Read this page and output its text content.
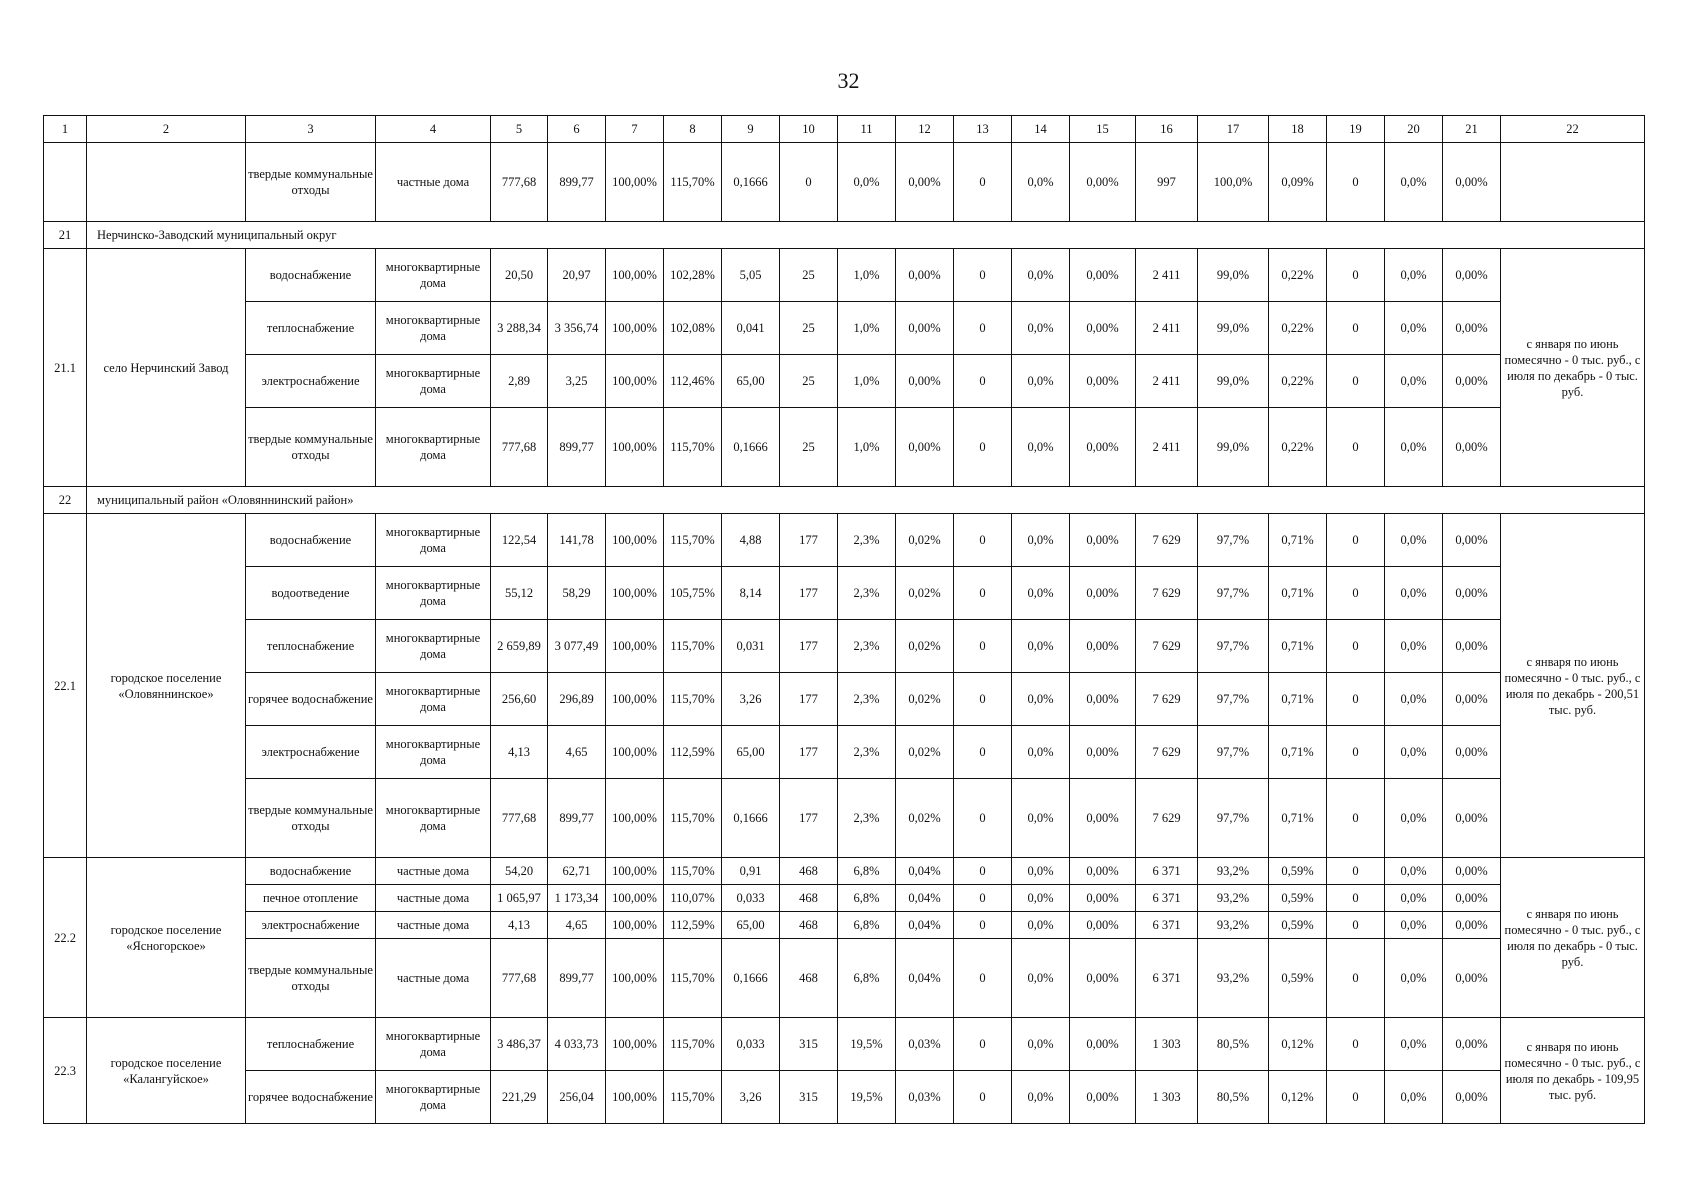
32
1	2	3	4	5	6	7	8	9	10	11	12	13	14	15	16	17	18	19	20	21	22
		твердые коммунальные отходы	частные дома	777,68	899,77	100,00%	115,70%	0,1666	0	0,0%	0,00%	0	0,0%	0,00%	997	100,0%	0,09%	0	0,0%	0,00%	
21	Нерчинско-Заводский муниципальный округ																				
21.1	село Нерчинский Завод	водоснабжение	многоквартирные дома	20,50	20,97	100,00%	102,28%	5,05	25	1,0%	0,00%	0	0,0%	0,00%	2 411	99,0%	0,22%	0	0,0%	0,00%	с января по июнь помесячно - 0 тыс. руб., с июля по декабрь - 0 тыс. руб.
		теплоснабжение	многоквартирные дома	3 288,34	3 356,74	100,00%	102,08%	0,041	25	1,0%	0,00%	0	0,0%	0,00%	2 411	99,0%	0,22%	0	0,0%	0,00%	
		электроснабжение	многоквартирные дома	2,89	3,25	100,00%	112,46%	65,00	25	1,0%	0,00%	0	0,0%	0,00%	2 411	99,0%	0,22%	0	0,0%	0,00%	
		твердые коммунальные отходы	многоквартирные дома	777,68	899,77	100,00%	115,70%	0,1666	25	1,0%	0,00%	0	0,0%	0,00%	2 411	99,0%	0,22%	0	0,0%	0,00%	
22	муниципальный район «Оловяннинский район»																				
22.1	городское поселение «Оловяннинское»	водоснабжение	многоквартирные дома	122,54	141,78	100,00%	115,70%	4,88	177	2,3%	0,02%	0	0,0%	0,00%	7 629	97,7%	0,71%	0	0,0%	0,00%	с января по июнь помесячно - 0 тыс. руб., с июля по декабрь - 200,51 тыс. руб.
		водоотведение	многоквартирные дома	55,12	58,29	100,00%	105,75%	8,14	177	2,3%	0,02%	0	0,0%	0,00%	7 629	97,7%	0,71%	0	0,0%	0,00%	
		теплоснабжение	многоквартирные дома	2 659,89	3 077,49	100,00%	115,70%	0,031	177	2,3%	0,02%	0	0,0%	0,00%	7 629	97,7%	0,71%	0	0,0%	0,00%	
		горячее водоснабжение	многоквартирные дома	256,60	296,89	100,00%	115,70%	3,26	177	2,3%	0,02%	0	0,0%	0,00%	7 629	97,7%	0,71%	0	0,0%	0,00%	
		электроснабжение	многоквартирные дома	4,13	4,65	100,00%	112,59%	65,00	177	2,3%	0,02%	0	0,0%	0,00%	7 629	97,7%	0,71%	0	0,0%	0,00%	
		твердые коммунальные отходы	многоквартирные дома	777,68	899,77	100,00%	115,70%	0,1666	177	2,3%	0,02%	0	0,0%	0,00%	7 629	97,7%	0,71%	0	0,0%	0,00%	
22.2	городское поселение «Ясногорское»	водоснабжение	частные дома	54,20	62,71	100,00%	115,70%	0,91	468	6,8%	0,04%	0	0,0%	0,00%	6 371	93,2%	0,59%	0	0,0%	0,00%	с января по июнь помесячно - 0 тыс. руб., с июля по декабрь - 0 тыс. руб.
		печное отопление	частные дома	1 065,97	1 173,34	100,00%	110,07%	0,033	468	6,8%	0,04%	0	0,0%	0,00%	6 371	93,2%	0,59%	0	0,0%	0,00%	
		электроснабжение	частные дома	4,13	4,65	100,00%	112,59%	65,00	468	6,8%	0,04%	0	0,0%	0,00%	6 371	93,2%	0,59%	0	0,0%	0,00%	
		твердые коммунальные отходы	частные дома	777,68	899,77	100,00%	115,70%	0,1666	468	6,8%	0,04%	0	0,0%	0,00%	6 371	93,2%	0,59%	0	0,0%	0,00%	
22.3	городское поселение «Калангуйское»	теплоснабжение	многоквартирные дома	3 486,37	4 033,73	100,00%	115,70%	0,033	315	19,5%	0,03%	0	0,0%	0,00%	1 303	80,5%	0,12%	0	0,0%	0,00%	с января по июнь помесячно - 0 тыс. руб., с июля по декабрь - 109,95 тыс. руб.
		горячее водоснабжение	многоквартирные дома	221,29	256,04	100,00%	115,70%	3,26	315	19,5%	0,03%	0	0,0%	0,00%	1 303	80,5%	0,12%	0	0,0%	0,00%	
